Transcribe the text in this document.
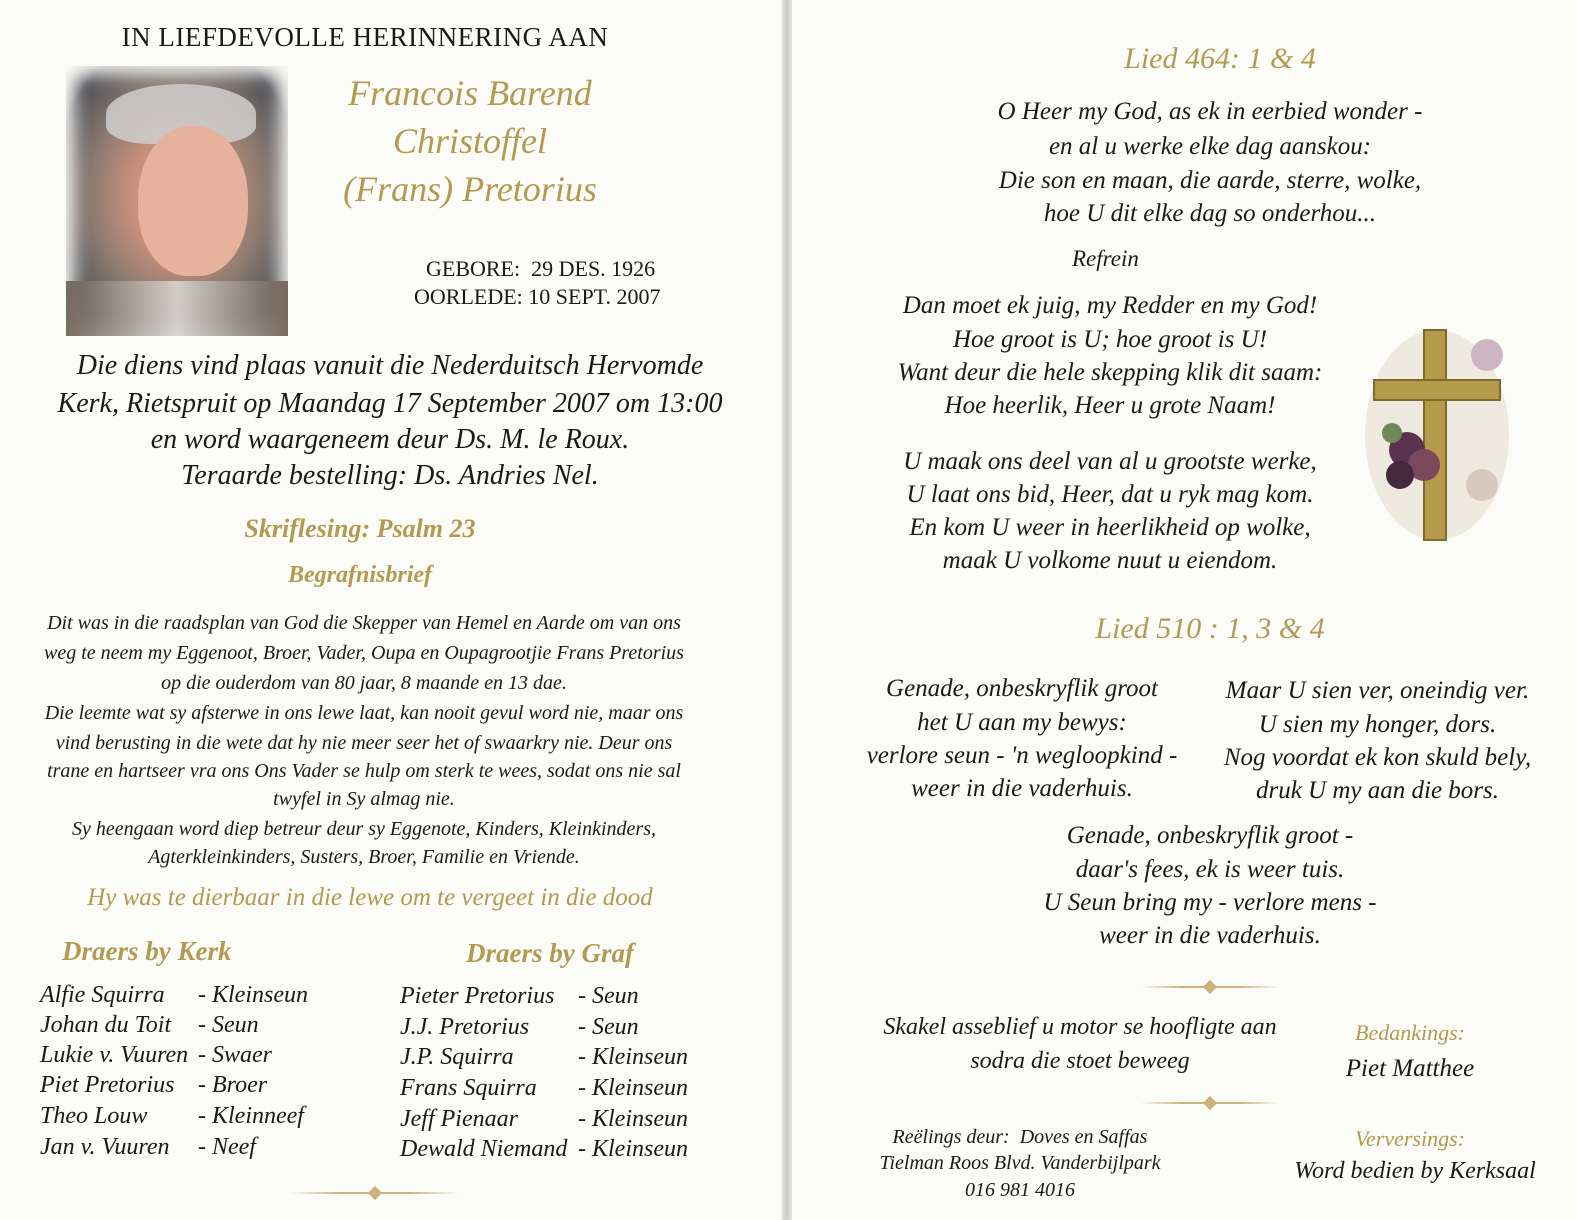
IN LIEFDEVOLLE HERINNERING AAN
Francois Barend
Christoffel
(Frans) Pretorius
GEBORE:  29 DES. 1926
OORLEDE: 10 SEPT. 2007
Die diens vind plaas vanuit die Nederduitsch Hervomde
Kerk, Rietspruit op Maandag 17 September 2007 om 13:00
en word waargeneem deur Ds. M. le Roux.
Teraarde bestelling: Ds. Andries Nel.
Skriflesing: Psalm 23
Begrafnisbrief
Dit was in die raadsplan van God die Skepper van Hemel en Aarde om van ons
weg te neem my Eggenoot, Broer, Vader, Oupa en Oupagrootjie Frans Pretorius
op die ouderdom van 80 jaar, 8 maande en 13 dae.
Die leemte wat sy afsterwe in ons lewe laat, kan nooit gevul word nie, maar ons
vind berusting in die wete dat hy nie meer seer het of swaarkry nie. Deur ons
trane en hartseer vra ons Ons Vader se hulp om sterk te wees, sodat ons nie sal
twyfel in Sy almag nie.
Sy heengaan word diep betreur deur sy Eggenote, Kinders, Kleinkinders,
Agterkleinkinders, Susters, Broer, Familie en Vriende.
Hy was te dierbaar in die lewe om te vergeet in die dood
Draers by Kerk	Draers by Graf
Alfie Squirra - Kleinseun
Johan du Toit - Seun
Lukie v. Vuuren - Swaer
Piet Pretorius - Broer
Theo Louw - Kleinneef
Jan v. Vuuren - Neef
Pieter Pretorius - Seun
J.J. Pretorius - Seun
J.P. Squirra	- Kleinseun
Frans Squirra - Kleinseun
Jeff Pienaar	- Kleinseun
Dewald Niemand - Kleinseun
Lied 464: 1 & 4
O Heer my God, as ek in eerbied wonder -
en al u werke elke dag aanskou:
Die son en maan, die aarde, sterre, wolke,
hoe U dit elke dag so onderhou...
Refrein
Dan moet ek juig, my Redder en my God!
Hoe groot is U; hoe groot is U!
Want deur die hele skepping klik dit saam:
Hoe heerlik, Heer u grote Naam!
U maak ons deel van al u grootste werke,
U laat ons bid, Heer, dat u ryk mag kom.
En kom U weer in heerlikheid op wolke,
maak U volkome nuut u eiendom.
Lied 510 : 1, 3 & 4
Genade, onbeskryflik groot
het U aan my bewys:
verlore seun - 'n wegloopkind -
weer in die vaderhuis.
Maar U sien ver, oneindig ver.
U sien my honger, dors.
Nog voordat ek kon skuld bely,
druk U my aan die bors.
Genade, onbeskryflik groot -
daar's fees, ek is weer tuis.
U Seun bring my - verlore mens -
weer in die vaderhuis.
Skakel asseblief u motor se hoofligte aan
sodra die stoet beweeg
Bedankings:
Piet Matthee
Reëlings deur:  Doves en Saffas
Tielman Roos Blvd. Vanderbijlpark
016 981 4016
Verversings:
Word bedien by Kerksaal
